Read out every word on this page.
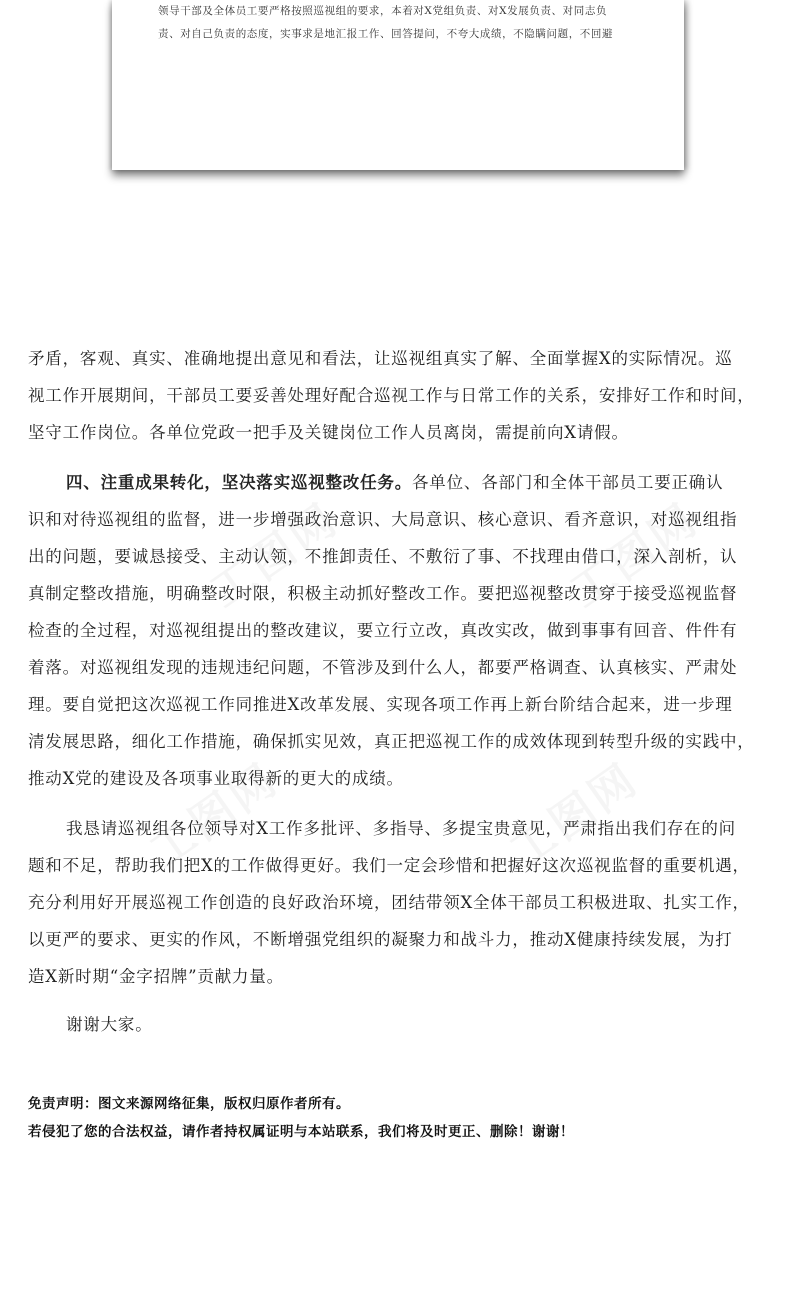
领导干部及全体员工要严格按照巡视组的要求，本着对X党组负责、对X发展负责、对同志负

责、对自己负责的态度，实事求是地汇报工作、回答提问，不夸大成绩，不隐瞒问题，不回避

矛盾，客观、真实、准确地提出意见和看法，让巡视组真实了解、全面掌握X的实际情况。巡
视工作开展期间，干部员工要妥善处理好配合巡视工作与日常工作的关系，安排好工作和时间，
坚守工作岗位。各单位党政一把手及关键岗位工作人员离岗，需提前向X请假。

四、注重成果转化，坚决落实巡视整改任务。各单位、各部门和全体干部员工要正确认
识和对待巡视组的监督，进一步增强政治意识、大局意识、核心意识、看齐意识，对巡视组指
出的问题，要诚恳接受、主动认领，不推卸责任、不敷衍了事、不找理由借口，深入剖析，认
真制定整改措施，明确整改时限，积极主动抓好整改工作。要把巡视整改贯穿于接受巡视监督
检查的全过程，对巡视组提出的整改建议，要立行立改，真改实改，做到事事有回音、件件有
着落。对巡视组发现的违规违纪问题，不管涉及到什么人，都要严格调查、认真核实、严肃处
理。要自觉把这次巡视工作同推进X改革发展、实现各项工作再上新台阶结合起来，进一步理
清发展思路，细化工作措施，确保抓实见效，真正把巡视工作的成效体现到转型升级的实践中，
推动X党的建设及各项事业取得新的更大的成绩。

我恳请巡视组各位领导对X工作多批评、多指导、多提宝贵意见，严肃指出我们存在的问
题和不足，帮助我们把X的工作做得更好。我们一定会珍惜和把握好这次巡视监督的重要机遇，
充分利用好开展巡视工作创造的良好政治环境，团结带领X全体干部员工积极进取、扎实工作，
以更严的要求、更实的作风，不断增强党组织的凝聚力和战斗力，推动X健康持续发展，为打
造X新时期“金字招牌”贡献力量。

谢谢大家。

免责声明：图文来源网络征集，版权归原作者所有。
若侵犯了您的合法权益，请作者持权属证明与本站联系，我们将及时更正、删除！谢谢！
